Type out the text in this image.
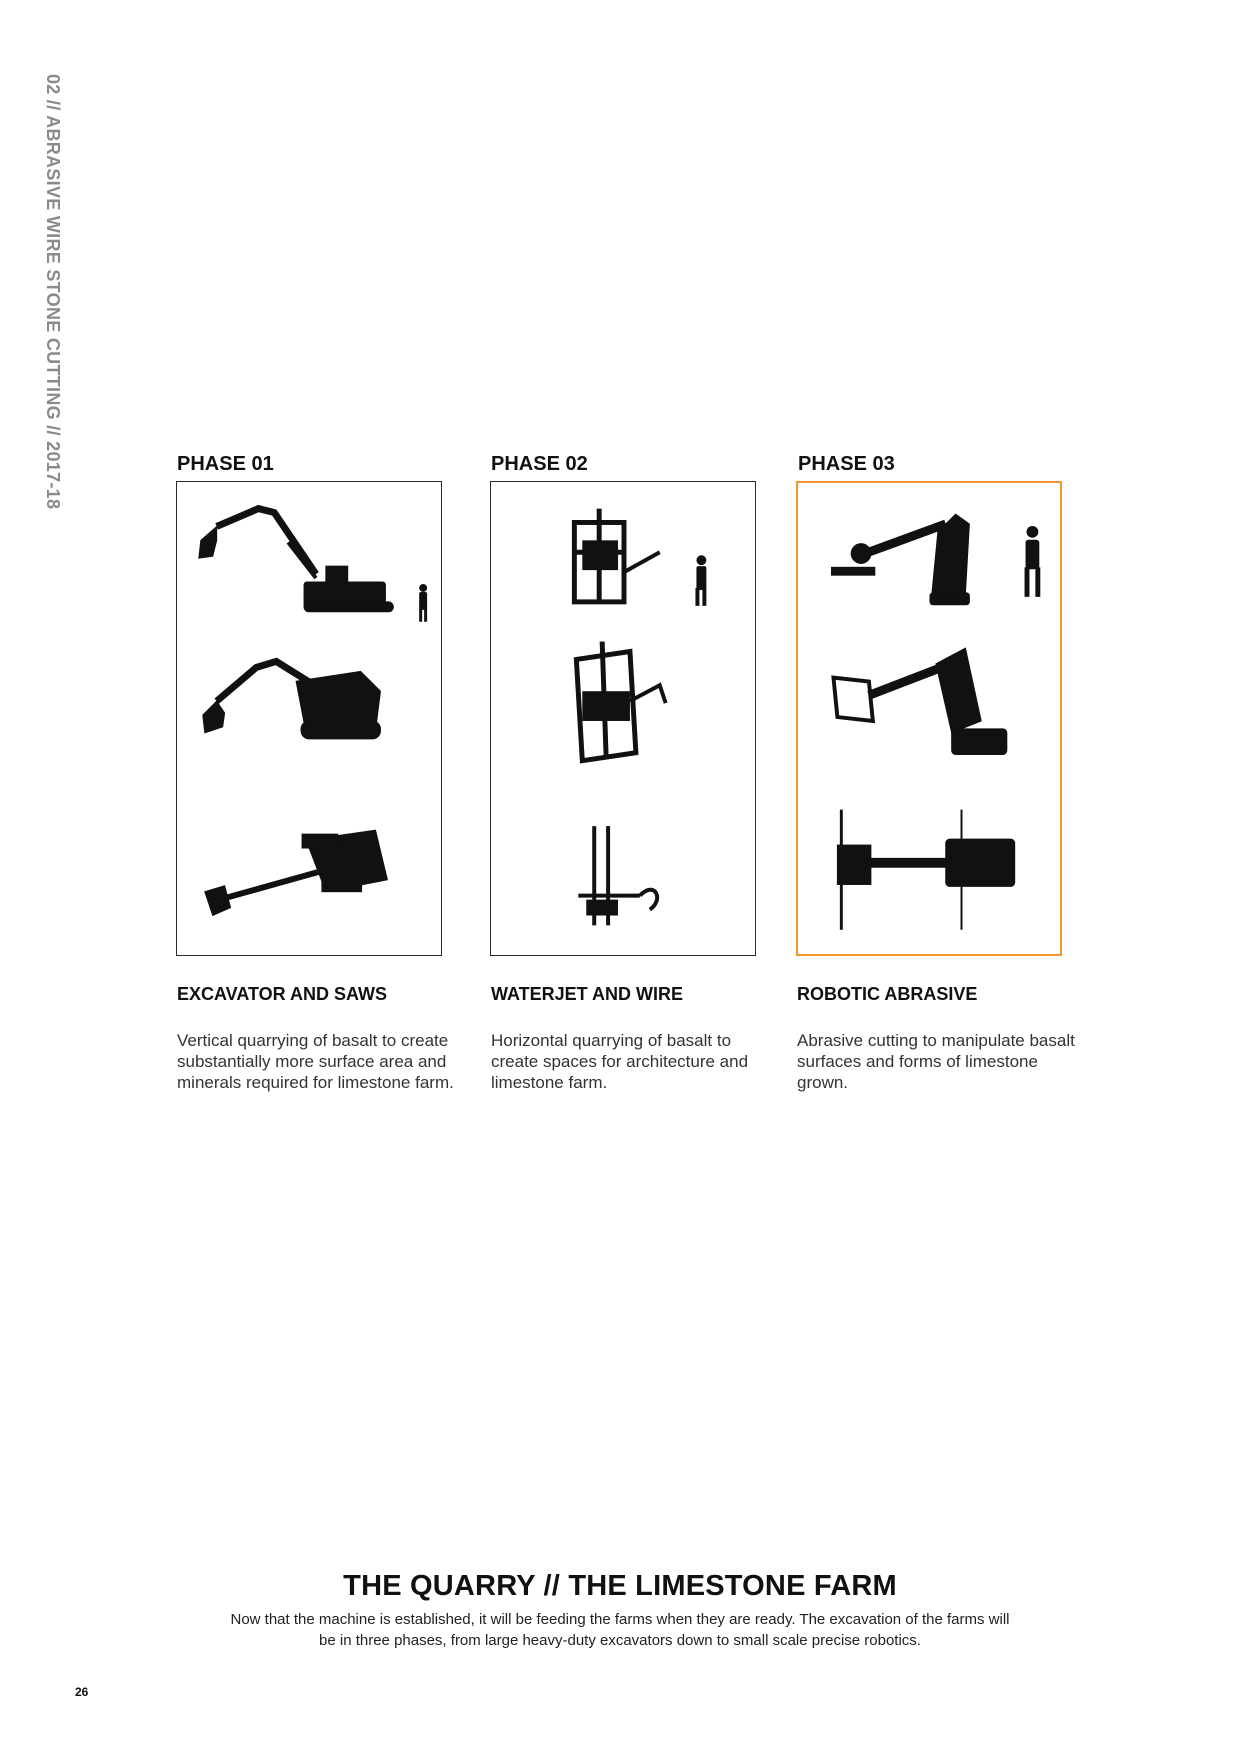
02 // ABRASIVE WIRE STONE CUTTING // 2017-18	PHASE 01
EXCAVATOR AND SAWS
Vertical quarrying of basalt to create substantially more surface area and minerals required for limestone farm.
PHASE 02
WATERJET AND WIRE
Horizontal quarrying of basalt to create spaces for architecture and limestone farm.
PHASE 03
ROBOTIC ABRASIVE
Abrasive cutting to manipulate basalt surfaces and forms of limestone grown.
THE QUARRY // THE LIMESTONE FARM
Now that the machine is established, it will be feeding the farms when they are ready. The excavation of the farms will be in three phases, from large heavy-duty excavators down to small scale precise robotics.
26
